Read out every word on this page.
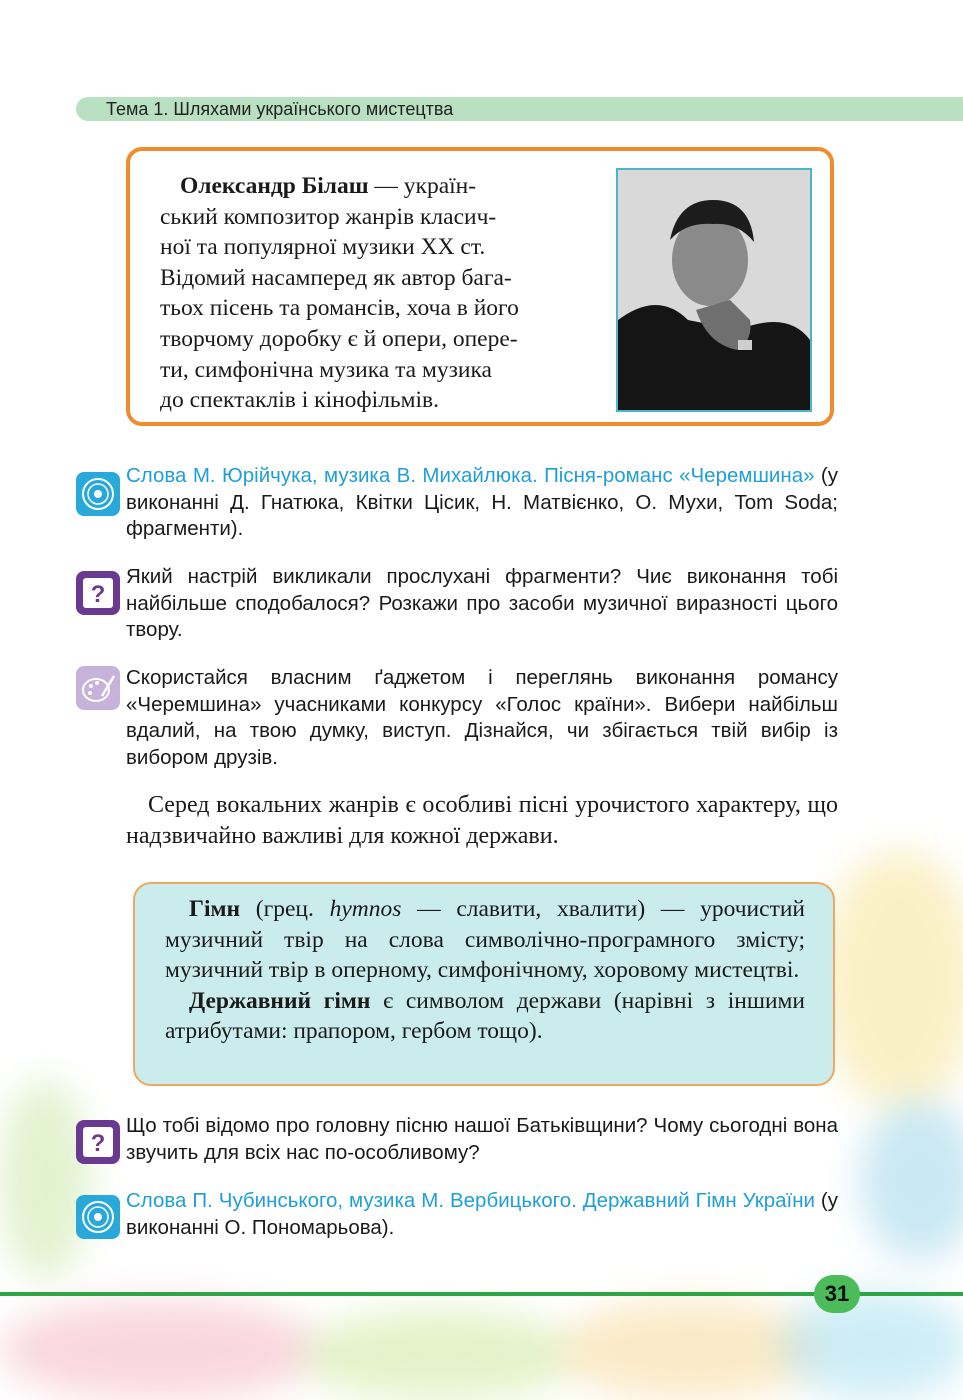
Тема 1. Шляхами українського мистецтва
Олександр Білаш — україн-
ський композитор жанрів класич-
ної та популярної музики XX ст.
Відомий насамперед як автор бага-
тьох пісень та романсів, хоча в його
творчому доробку є й опери, опере-
ти, симфонічна музика та музика
до спектаклів і кінофільмів.
Слова М. Юрійчука, музика В. Михайлюка. Пісня-романс «Черемшина» (у виконанні Д. Гнатюка, Квітки Цісик, Н. Матвієнко, О. Мухи, Tom Soda; фрагменти).
?
Який настрій викликали прослухані фрагменти? Чиє виконання тобі найбільше сподобалося? Розкажи про засоби музичної виразності цього твору.
Скористайся власним ґаджетом і переглянь виконання романсу «Черемшина» учасниками конкурсу «Голос країни». Вибери найбільш вдалий, на твою думку, виступ. Дізнайся, чи збігається твій вибір із вибором друзів.
Серед вокальних жанрів є особливі пісні урочистого характеру, що надзвичайно важливі для кожної держави.

Гімн (грец. hymnos — славити, хвалити) — урочистий музичний твір на слова символічно-програмного змісту; музичний твір в оперному, симфонічному, хоровому мистецтві.

Державний гімн є символом держави (нарівні з іншими атрибутами: прапором, гербом тощо).

?
Що тобі відомо про головну пісню нашої Батьківщини? Чому сьогодні вона звучить для всіх нас по-особливому?
Слова П. Чубинського, музика М. Вербицького. Державний Гімн України (у виконанні О. Пономарьова).
31
